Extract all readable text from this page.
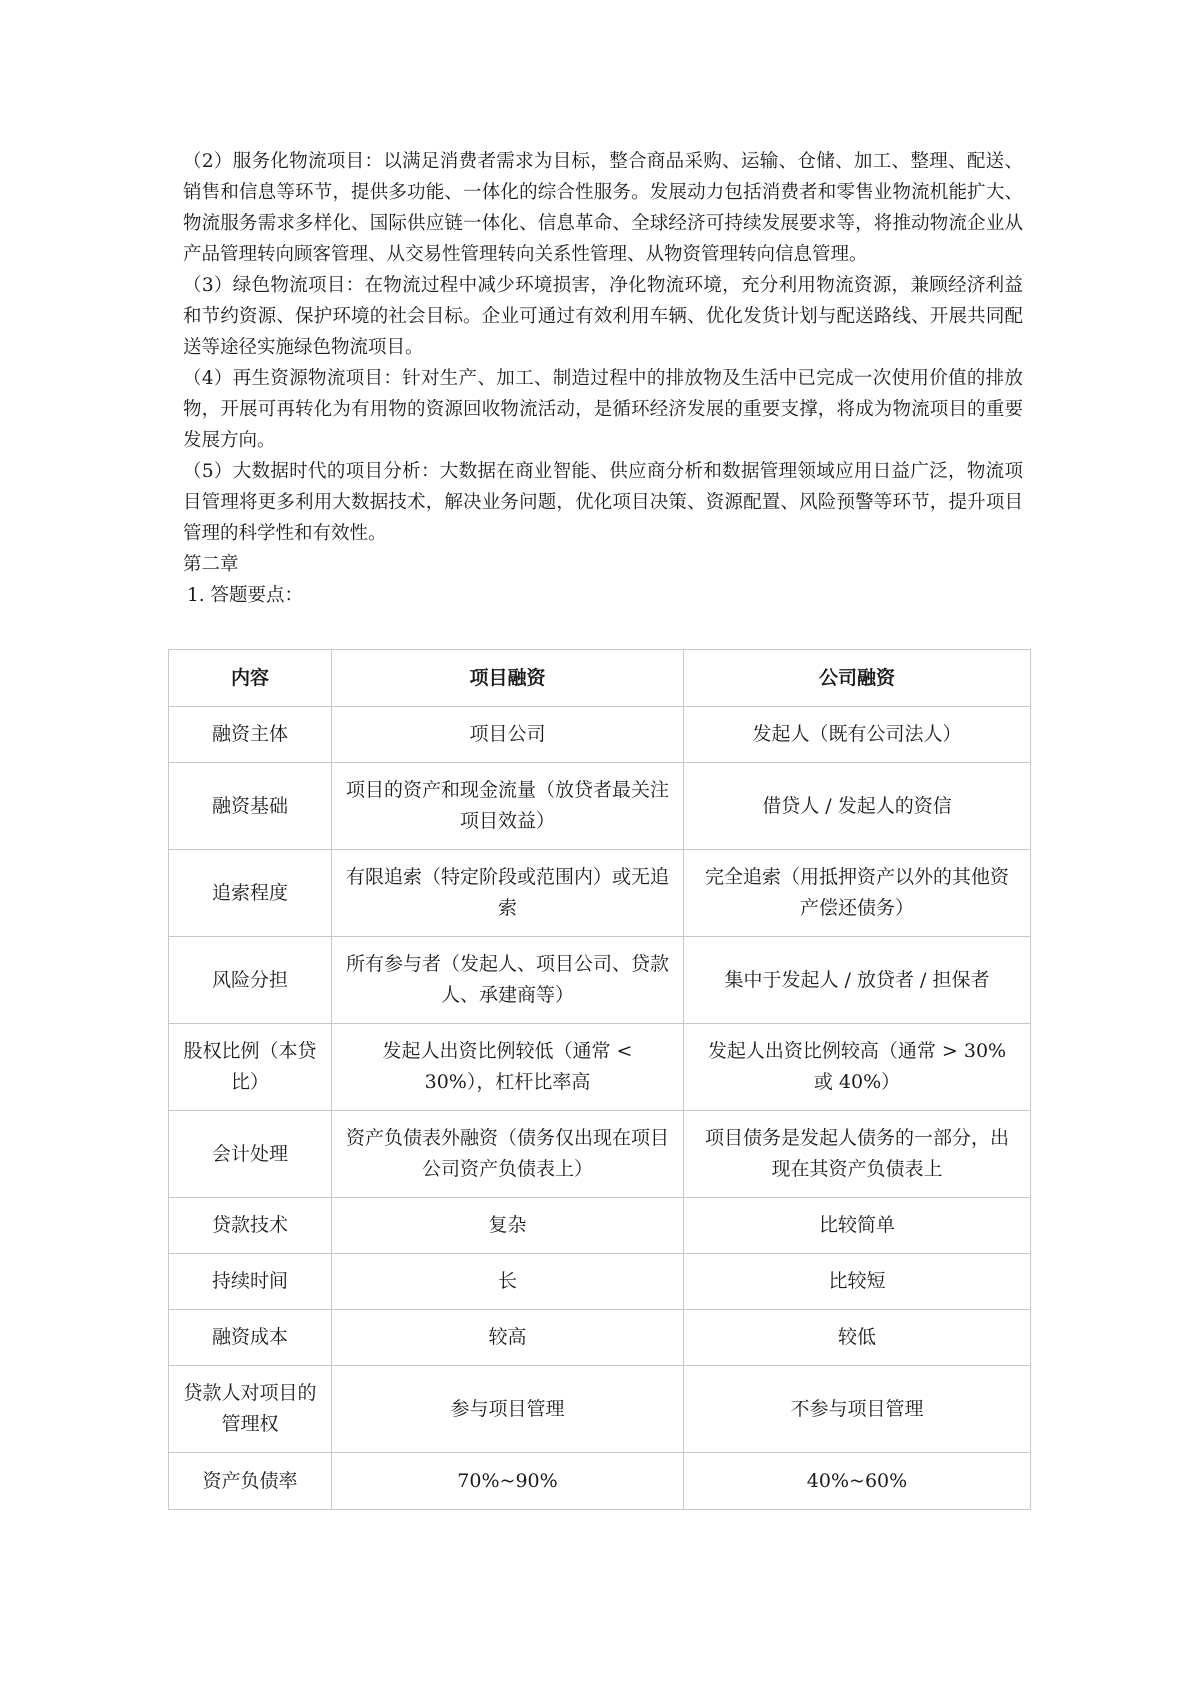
（2）服务化物流项目：以满足消费者需求为目标，整合商品采购、运输、仓储、加工、整理、配送、销售和信息等环节，提供多功能、一体化的综合性服务。发展动力包括消费者和零售业物流机能扩大、物流服务需求多样化、国际供应链一体化、信息革命、全球经济可持续发展要求等，将推动物流企业从产品管理转向顾客管理、从交易性管理转向关系性管理、从物资管理转向信息管理。

（3）绿色物流项目：在物流过程中减少环境损害，净化物流环境，充分利用物流资源，兼顾经济利益和节约资源、保护环境的社会目标。企业可通过有效利用车辆、优化发货计划与配送路线、开展共同配送等途径实施绿色物流项目。

（4）再生资源物流项目：针对生产、加工、制造过程中的排放物及生活中已完成一次使用价值的排放物，开展可再转化为有用物的资源回收物流活动，是循环经济发展的重要支撑，将成为物流项目的重要发展方向。

（5）大数据时代的项目分析：大数据在商业智能、供应商分析和数据管理领域应用日益广泛，物流项目管理将更多利用大数据技术，解决业务问题，优化项目决策、资源配置、风险预警等环节，提升项目管理的科学性和有效性。

第二章

1. 答题要点：

内容	项目融资	公司融资
融资主体	项目公司	发起人（既有公司法人）
融资基础	项目的资产和现金流量（放贷者最关注项目效益）	借贷人 / 发起人的资信
追索程度	有限追索（特定阶段或范围内）或无追索	完全追索（用抵押资产以外的其他资产偿还债务）
风险分担	所有参与者（发起人、项目公司、贷款人、承建商等）	集中于发起人 / 放贷者 / 担保者
股权比例（本贷比）	发起人出资比例较低（通常 < 30%），杠杆比率高	发起人出资比例较高（通常 > 30% 或 40%）
会计处理	资产负债表外融资（债务仅出现在项目公司资产负债表上）	项目债务是发起人债务的一部分，出现在其资产负债表上
贷款技术	复杂	比较简单
持续时间	长	比较短
融资成本	较高	较低
贷款人对项目的管理权	参与项目管理	不参与项目管理
资产负债率	70%~90%	40%~60%
